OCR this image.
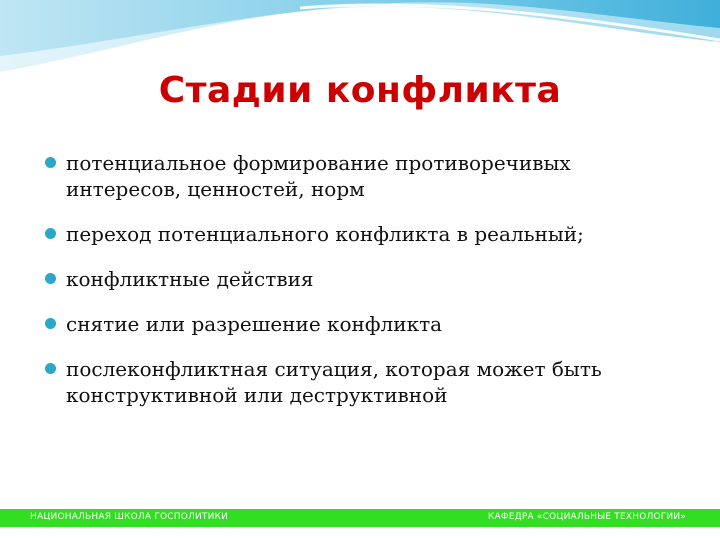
Стадии конфликта
потенциальное формирование противоречивых интересов, ценностей, норм
переход потенциального конфликта в реальный;
конфликтные действия
снятие или разрешение конфликта
послеконфликтная ситуация, которая может быть конструктивной или деструктивной
НАЦИОНАЛЬНАЯ ШКОЛА ГОСПОЛИТИКИ	КАФЕДРА «СОЦИАЛЬНЫЕ ТЕХНОЛОГИИ»
